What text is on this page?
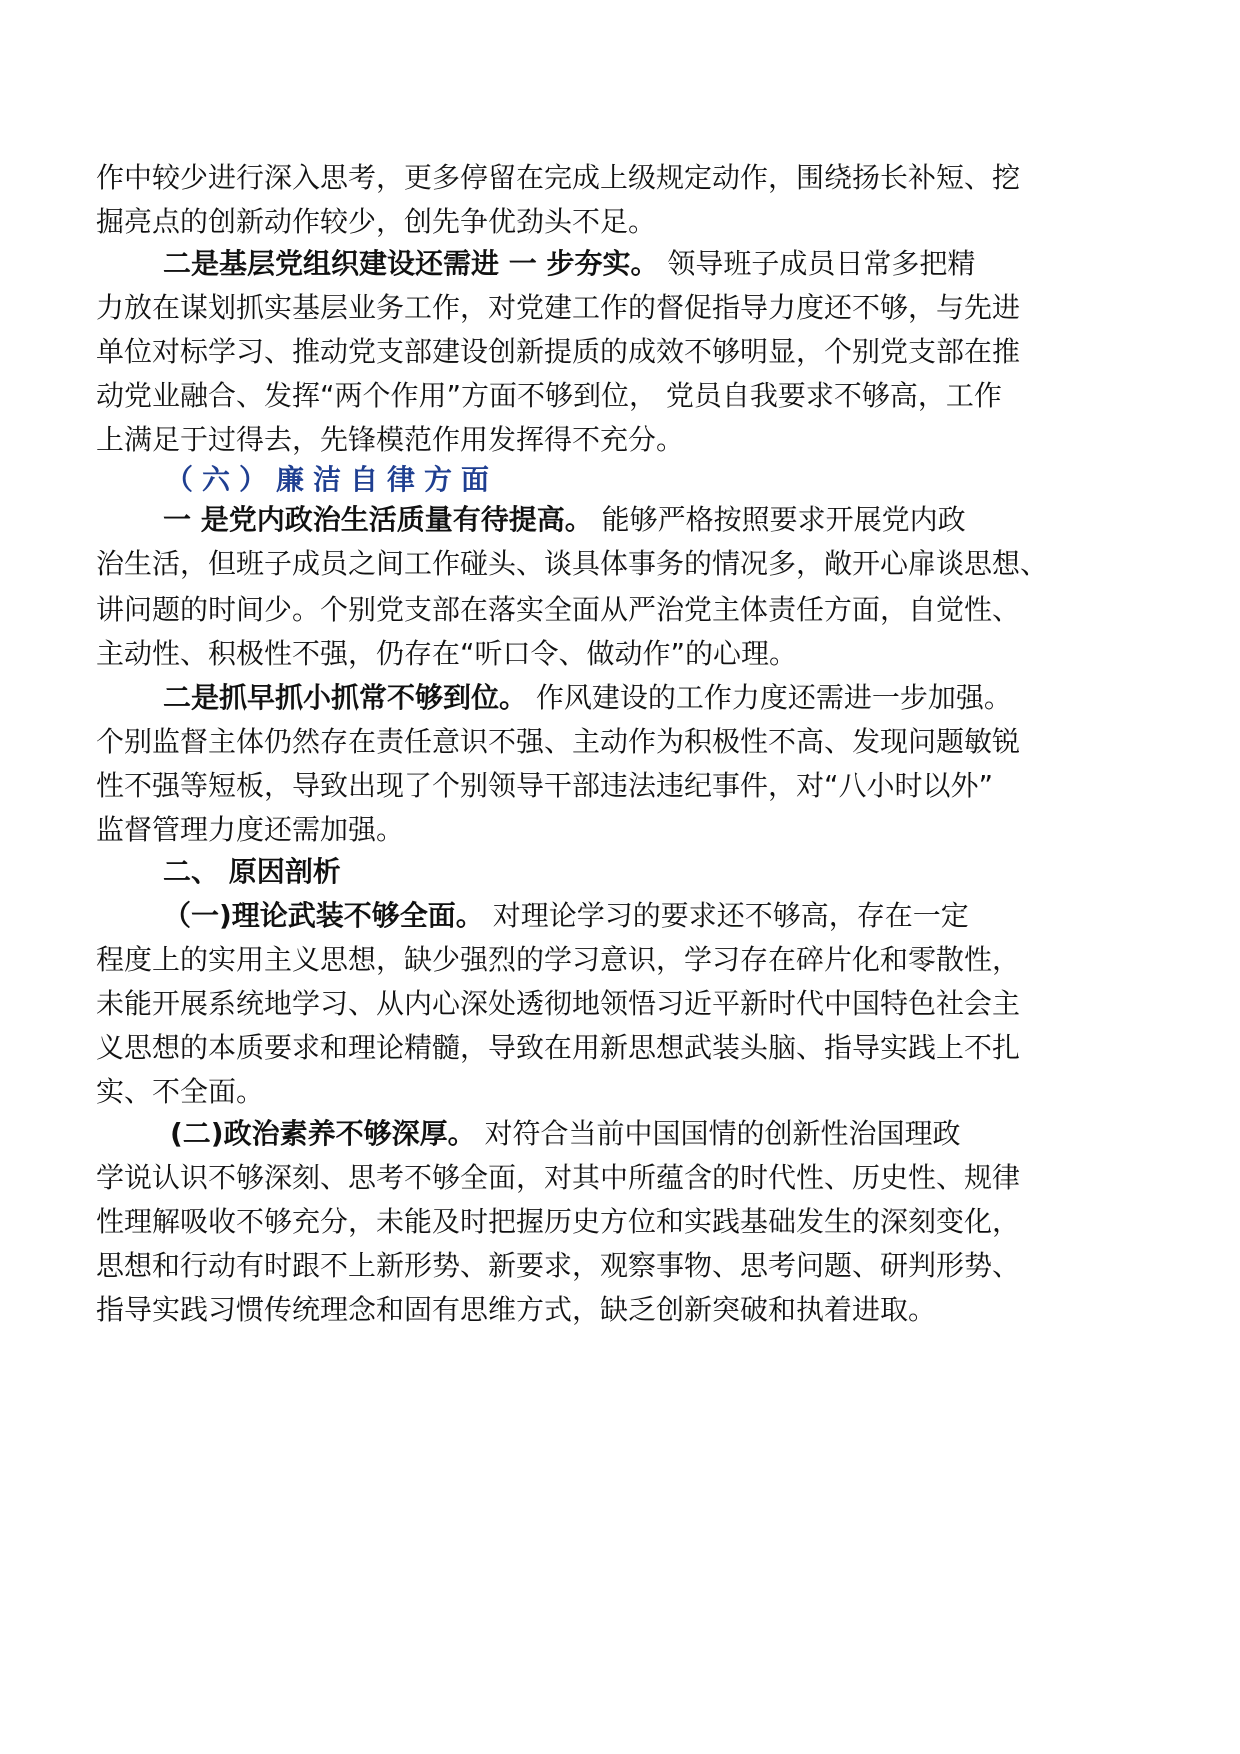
作中较少进行深入思考，更多停留在完成上级规定动作，围绕扬长补短、挖

掘亮点的创新动作较少，创先争优劲头不足。

二是基层党组织建设还需进 一 步夯实。 领导班子成员日常多把精

力放在谋划抓实基层业务工作，对党建工作的督促指导力度还不够，与先进

单位对标学习、推动党支部建设创新提质的成效不够明显，个别党支部在推

动党业融合、发挥“两个作用”方面不够到位， 党员自我要求不够高，工作

上满足于过得去，先锋模范作用发挥得不充分。

（六）廉洁自律方面

一 是党内政治生活质量有待提高。 能够严格按照要求开展党内政

治生活，但班子成员之间工作碰头、谈具体事务的情况多，敞开心扉谈思想、

讲问题的时间少。个别党支部在落实全面从严治党主体责任方面，自觉性、

主动性、积极性不强，仍存在“听口令、做动作”的心理。

二是抓早抓小抓常不够到位。 作风建设的工作力度还需进一步加强。

个别监督主体仍然存在责任意识不强、主动作为积极性不高、发现问题敏锐

性不强等短板，导致出现了个别领导干部违法违纪事件，对“八小时以外”

监督管理力度还需加强。

二、 原因剖析

（一)理论武装不够全面。 对理论学习的要求还不够高，存在一定

程度上的实用主义思想，缺少强烈的学习意识，学习存在碎片化和零散性，

未能开展系统地学习、从内心深处透彻地领悟习近平新时代中国特色社会主

义思想的本质要求和理论精髓，导致在用新思想武装头脑、指导实践上不扎

实、不全面。

(二)政治素养不够深厚。 对符合当前中国国情的创新性治国理政

学说认识不够深刻、思考不够全面，对其中所蕴含的时代性、历史性、规律

性理解吸收不够充分，未能及时把握历史方位和实践基础发生的深刻变化，

思想和行动有时跟不上新形势、新要求，观察事物、思考问题、研判形势、

指导实践习惯传统理念和固有思维方式，缺乏创新突破和执着进取。
